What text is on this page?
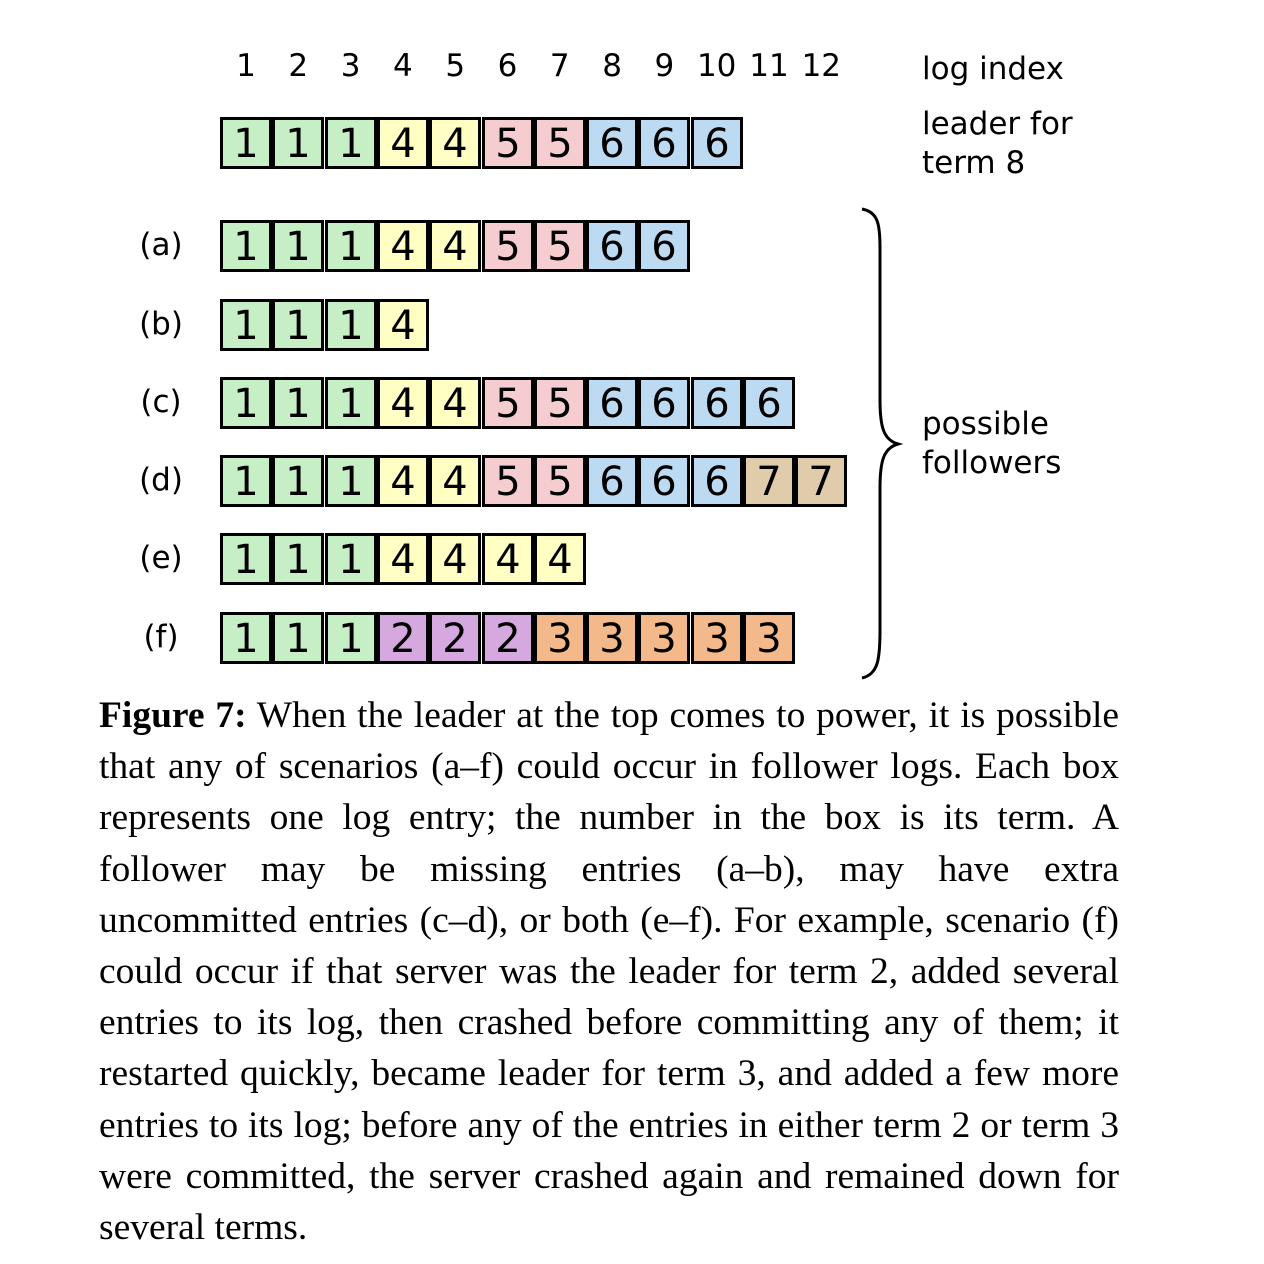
1	2	3	4	5	6	7	8	9 10 11 12	log index
1 1 1 4 4 5 5 6 6 6	leader for
term 8
(a)	1 1 1 4 4 5 5 6 6
(b)	1 1 1 4
(c)	1 1 1 4 4 5 5 6 6 6 6
(d)	1 1 1 4 4 5 5 6 6 6 7 7
(e)	1 1 1 4 4 4 4
(f)	1 1 1 2 2 2 3 3 3 3 3
possible
followers
Figure 7: When the leader at the top comes to power, it is possible that any of scenarios (a–f) could occur in follower logs. Each box represents one log entry; the number in the box is its term. A follower may be missing entries (a–b), may have extra uncommitted entries (c–d), or both (e–f). For example, scenario (f) could occur if that server was the leader for term 2, added several entries to its log, then crashed before committing any of them; it restarted quickly, became leader for term 3, and added a few more entries to its log; before any of the entries in either term 2 or term 3 were committed, the server crashed again and remained down for several terms.
